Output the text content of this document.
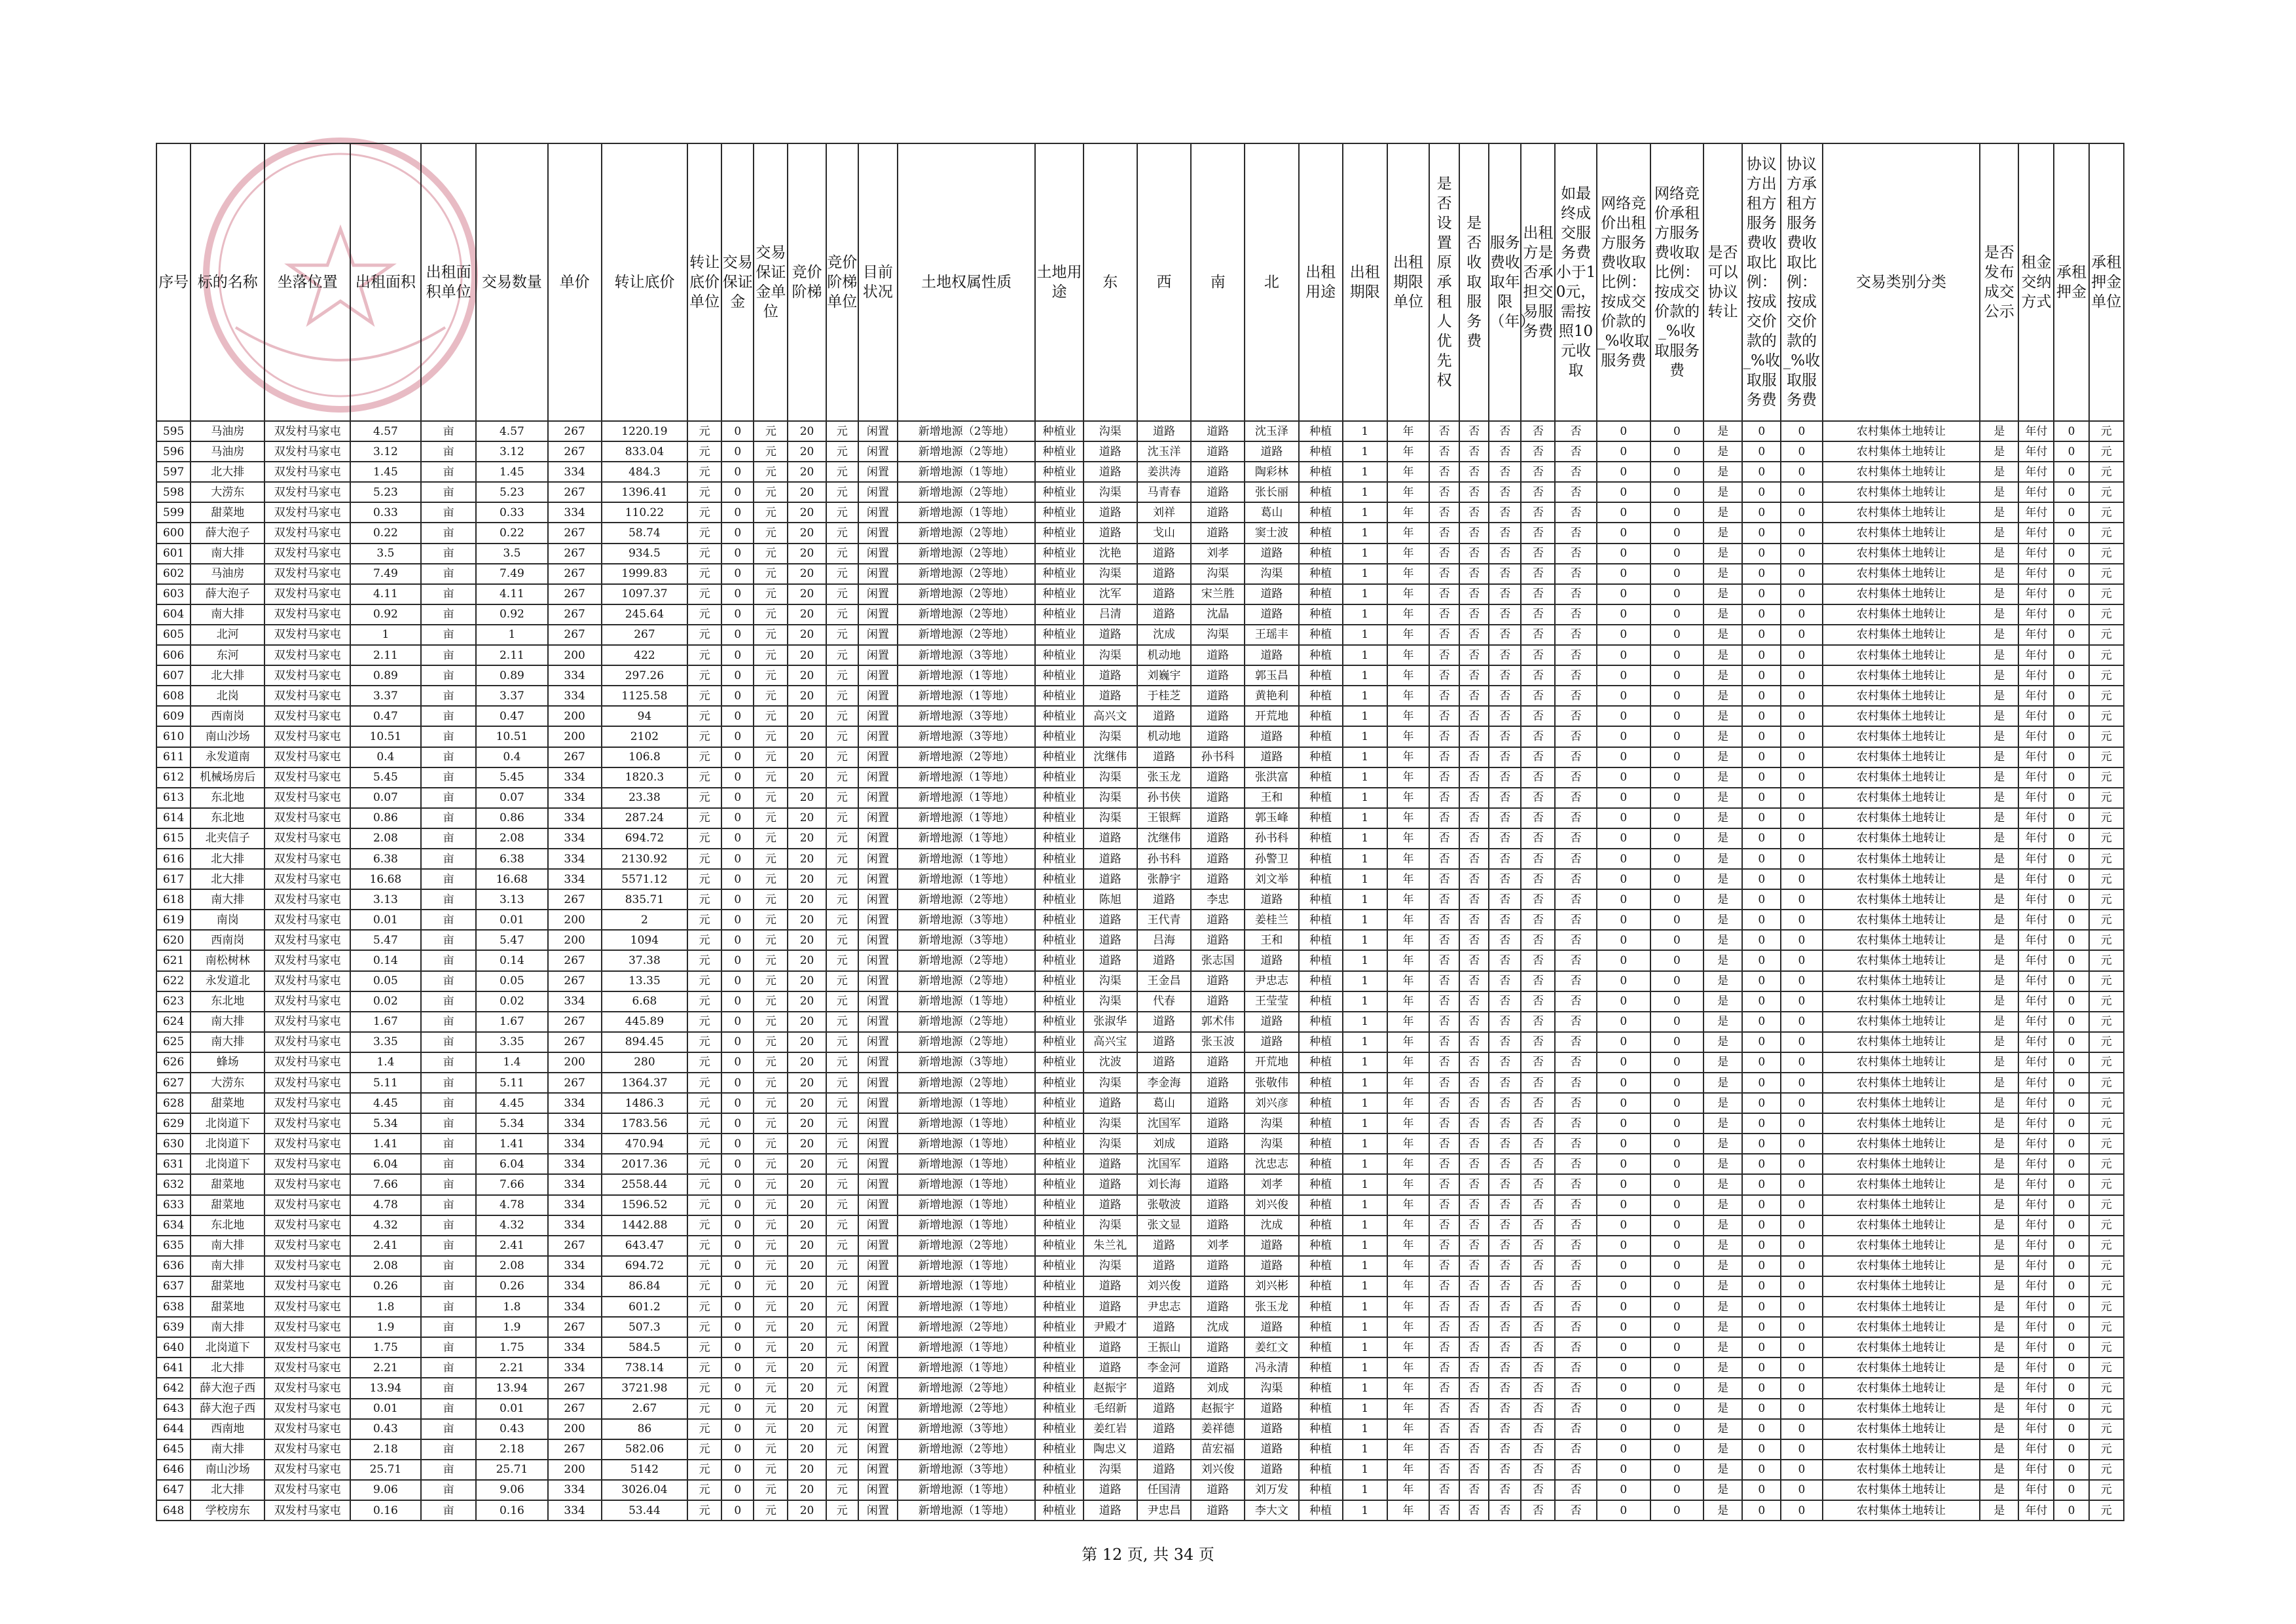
序号	标的名称	坐落位置	出租面积	出租面积单位	交易数量	单价	转让底价	转让底价单位	交易保证金	交易保证金单位	竞价阶梯	竞价阶梯单位	目前状况	土地权属性质	土地用途	东	西	南	北	出租用途	出租期限	出租期限单位	是否设置原承租人优先权	是否收取服务费	服务费收取年限（年）	出租方是否承担交易服务费	如最终成交服务费小于10元，需按照10元收取	网络竞价出租方服务费收取比例：按成交价款的_%收取服务费	网络竞价承租方服务费收取比例：按成交价款的_%收取服务费	是否可以协议转让	协议方出租方服务费收取比例：按成交价款的_%收取服务费	协议方承租方服务费收取比例：按成交价款的_%收取服务费	交易类别分类	是否发布成交公示	租金交纳方式	承租押金	承租押金单位
595	马油房	双发村马家屯	4.57	亩	4.57	267	1220.19	元	0	元	20	元	闲置	新增地源（2等地）	种植业	沟渠	道路	道路	沈玉泽	种植	1	年	否	否	否	否	否	0	0	是	0	0	农村集体土地转让	是	年付	0	元
596	马油房	双发村马家屯	3.12	亩	3.12	267	833.04	元	0	元	20	元	闲置	新增地源（2等地）	种植业	道路	沈玉洋	道路	道路	种植	1	年	否	否	否	否	否	0	0	是	0	0	农村集体土地转让	是	年付	0	元
597	北大排	双发村马家屯	1.45	亩	1.45	334	484.3	元	0	元	20	元	闲置	新增地源（1等地）	种植业	道路	姜洪涛	道路	陶彩林	种植	1	年	否	否	否	否	否	0	0	是	0	0	农村集体土地转让	是	年付	0	元
598	大涝东	双发村马家屯	5.23	亩	5.23	267	1396.41	元	0	元	20	元	闲置	新增地源（2等地）	种植业	沟渠	马青春	道路	张长丽	种植	1	年	否	否	否	否	否	0	0	是	0	0	农村集体土地转让	是	年付	0	元
599	甜菜地	双发村马家屯	0.33	亩	0.33	334	110.22	元	0	元	20	元	闲置	新增地源（1等地）	种植业	道路	刘祥	道路	葛山	种植	1	年	否	否	否	否	否	0	0	是	0	0	农村集体土地转让	是	年付	0	元
600	薛大泡子	双发村马家屯	0.22	亩	0.22	267	58.74	元	0	元	20	元	闲置	新增地源（2等地）	种植业	道路	戈山	道路	窦士波	种植	1	年	否	否	否	否	否	0	0	是	0	0	农村集体土地转让	是	年付	0	元
601	南大排	双发村马家屯	3.5	亩	3.5	267	934.5	元	0	元	20	元	闲置	新增地源（2等地）	种植业	沈艳	道路	刘孝	道路	种植	1	年	否	否	否	否	否	0	0	是	0	0	农村集体土地转让	是	年付	0	元
602	马油房	双发村马家屯	7.49	亩	7.49	267	1999.83	元	0	元	20	元	闲置	新增地源（2等地）	种植业	沟渠	道路	沟渠	沟渠	种植	1	年	否	否	否	否	否	0	0	是	0	0	农村集体土地转让	是	年付	0	元
603	薛大泡子	双发村马家屯	4.11	亩	4.11	267	1097.37	元	0	元	20	元	闲置	新增地源（2等地）	种植业	沈军	道路	宋兰胜	道路	种植	1	年	否	否	否	否	否	0	0	是	0	0	农村集体土地转让	是	年付	0	元
604	南大排	双发村马家屯	0.92	亩	0.92	267	245.64	元	0	元	20	元	闲置	新增地源（2等地）	种植业	吕清	道路	沈晶	道路	种植	1	年	否	否	否	否	否	0	0	是	0	0	农村集体土地转让	是	年付	0	元
605	北河	双发村马家屯	1	亩	1	267	267	元	0	元	20	元	闲置	新增地源（2等地）	种植业	道路	沈成	沟渠	王瑶丰	种植	1	年	否	否	否	否	否	0	0	是	0	0	农村集体土地转让	是	年付	0	元
606	东河	双发村马家屯	2.11	亩	2.11	200	422	元	0	元	20	元	闲置	新增地源（3等地）	种植业	沟渠	机动地	道路	道路	种植	1	年	否	否	否	否	否	0	0	是	0	0	农村集体土地转让	是	年付	0	元
607	北大排	双发村马家屯	0.89	亩	0.89	334	297.26	元	0	元	20	元	闲置	新增地源（1等地）	种植业	道路	刘巍宇	道路	郭玉昌	种植	1	年	否	否	否	否	否	0	0	是	0	0	农村集体土地转让	是	年付	0	元
608	北岗	双发村马家屯	3.37	亩	3.37	334	1125.58	元	0	元	20	元	闲置	新增地源（1等地）	种植业	道路	于桂芝	道路	黄艳利	种植	1	年	否	否	否	否	否	0	0	是	0	0	农村集体土地转让	是	年付	0	元
609	西南岗	双发村马家屯	0.47	亩	0.47	200	94	元	0	元	20	元	闲置	新增地源（3等地）	种植业	高兴文	道路	道路	开荒地	种植	1	年	否	否	否	否	否	0	0	是	0	0	农村集体土地转让	是	年付	0	元
610	南山沙场	双发村马家屯	10.51	亩	10.51	200	2102	元	0	元	20	元	闲置	新增地源（3等地）	种植业	沟渠	机动地	道路	道路	种植	1	年	否	否	否	否	否	0	0	是	0	0	农村集体土地转让	是	年付	0	元
611	永发道南	双发村马家屯	0.4	亩	0.4	267	106.8	元	0	元	20	元	闲置	新增地源（2等地）	种植业	沈继伟	道路	孙书科	道路	种植	1	年	否	否	否	否	否	0	0	是	0	0	农村集体土地转让	是	年付	0	元
612	机械场房后	双发村马家屯	5.45	亩	5.45	334	1820.3	元	0	元	20	元	闲置	新增地源（1等地）	种植业	沟渠	张玉龙	道路	张洪富	种植	1	年	否	否	否	否	否	0	0	是	0	0	农村集体土地转让	是	年付	0	元
613	东北地	双发村马家屯	0.07	亩	0.07	334	23.38	元	0	元	20	元	闲置	新增地源（1等地）	种植业	沟渠	孙书侠	道路	王和	种植	1	年	否	否	否	否	否	0	0	是	0	0	农村集体土地转让	是	年付	0	元
614	东北地	双发村马家屯	0.86	亩	0.86	334	287.24	元	0	元	20	元	闲置	新增地源（1等地）	种植业	沟渠	王银辉	道路	郭玉峰	种植	1	年	否	否	否	否	否	0	0	是	0	0	农村集体土地转让	是	年付	0	元
615	北夹信子	双发村马家屯	2.08	亩	2.08	334	694.72	元	0	元	20	元	闲置	新增地源（1等地）	种植业	道路	沈继伟	道路	孙书科	种植	1	年	否	否	否	否	否	0	0	是	0	0	农村集体土地转让	是	年付	0	元
616	北大排	双发村马家屯	6.38	亩	6.38	334	2130.92	元	0	元	20	元	闲置	新增地源（1等地）	种植业	道路	孙书科	道路	孙警卫	种植	1	年	否	否	否	否	否	0	0	是	0	0	农村集体土地转让	是	年付	0	元
617	北大排	双发村马家屯	16.68	亩	16.68	334	5571.12	元	0	元	20	元	闲置	新增地源（1等地）	种植业	道路	张静宇	道路	刘文举	种植	1	年	否	否	否	否	否	0	0	是	0	0	农村集体土地转让	是	年付	0	元
618	南大排	双发村马家屯	3.13	亩	3.13	267	835.71	元	0	元	20	元	闲置	新增地源（2等地）	种植业	陈旭	道路	李忠	道路	种植	1	年	否	否	否	否	否	0	0	是	0	0	农村集体土地转让	是	年付	0	元
619	南岗	双发村马家屯	0.01	亩	0.01	200	2	元	0	元	20	元	闲置	新增地源（3等地）	种植业	道路	王代青	道路	姜桂兰	种植	1	年	否	否	否	否	否	0	0	是	0	0	农村集体土地转让	是	年付	0	元
620	西南岗	双发村马家屯	5.47	亩	5.47	200	1094	元	0	元	20	元	闲置	新增地源（3等地）	种植业	道路	吕海	道路	王和	种植	1	年	否	否	否	否	否	0	0	是	0	0	农村集体土地转让	是	年付	0	元
621	南松树林	双发村马家屯	0.14	亩	0.14	267	37.38	元	0	元	20	元	闲置	新增地源（2等地）	种植业	道路	道路	张志国	道路	种植	1	年	否	否	否	否	否	0	0	是	0	0	农村集体土地转让	是	年付	0	元
622	永发道北	双发村马家屯	0.05	亩	0.05	267	13.35	元	0	元	20	元	闲置	新增地源（2等地）	种植业	沟渠	王金昌	道路	尹忠志	种植	1	年	否	否	否	否	否	0	0	是	0	0	农村集体土地转让	是	年付	0	元
623	东北地	双发村马家屯	0.02	亩	0.02	334	6.68	元	0	元	20	元	闲置	新增地源（1等地）	种植业	沟渠	代春	道路	王莹莹	种植	1	年	否	否	否	否	否	0	0	是	0	0	农村集体土地转让	是	年付	0	元
624	南大排	双发村马家屯	1.67	亩	1.67	267	445.89	元	0	元	20	元	闲置	新增地源（2等地）	种植业	张淑华	道路	郭术伟	道路	种植	1	年	否	否	否	否	否	0	0	是	0	0	农村集体土地转让	是	年付	0	元
625	南大排	双发村马家屯	3.35	亩	3.35	267	894.45	元	0	元	20	元	闲置	新增地源（2等地）	种植业	高兴宝	道路	张玉波	道路	种植	1	年	否	否	否	否	否	0	0	是	0	0	农村集体土地转让	是	年付	0	元
626	蜂场	双发村马家屯	1.4	亩	1.4	200	280	元	0	元	20	元	闲置	新增地源（3等地）	种植业	沈波	道路	道路	开荒地	种植	1	年	否	否	否	否	否	0	0	是	0	0	农村集体土地转让	是	年付	0	元
627	大涝东	双发村马家屯	5.11	亩	5.11	267	1364.37	元	0	元	20	元	闲置	新增地源（2等地）	种植业	沟渠	李金海	道路	张敬伟	种植	1	年	否	否	否	否	否	0	0	是	0	0	农村集体土地转让	是	年付	0	元
628	甜菜地	双发村马家屯	4.45	亩	4.45	334	1486.3	元	0	元	20	元	闲置	新增地源（1等地）	种植业	道路	葛山	道路	刘兴彦	种植	1	年	否	否	否	否	否	0	0	是	0	0	农村集体土地转让	是	年付	0	元
629	北岗道下	双发村马家屯	5.34	亩	5.34	334	1783.56	元	0	元	20	元	闲置	新增地源（1等地）	种植业	沟渠	沈国军	道路	沟渠	种植	1	年	否	否	否	否	否	0	0	是	0	0	农村集体土地转让	是	年付	0	元
630	北岗道下	双发村马家屯	1.41	亩	1.41	334	470.94	元	0	元	20	元	闲置	新增地源（1等地）	种植业	沟渠	刘成	道路	沟渠	种植	1	年	否	否	否	否	否	0	0	是	0	0	农村集体土地转让	是	年付	0	元
631	北岗道下	双发村马家屯	6.04	亩	6.04	334	2017.36	元	0	元	20	元	闲置	新增地源（1等地）	种植业	道路	沈国军	道路	沈忠志	种植	1	年	否	否	否	否	否	0	0	是	0	0	农村集体土地转让	是	年付	0	元
632	甜菜地	双发村马家屯	7.66	亩	7.66	334	2558.44	元	0	元	20	元	闲置	新增地源（1等地）	种植业	道路	刘长海	道路	刘孝	种植	1	年	否	否	否	否	否	0	0	是	0	0	农村集体土地转让	是	年付	0	元
633	甜菜地	双发村马家屯	4.78	亩	4.78	334	1596.52	元	0	元	20	元	闲置	新增地源（1等地）	种植业	道路	张敬波	道路	刘兴俊	种植	1	年	否	否	否	否	否	0	0	是	0	0	农村集体土地转让	是	年付	0	元
634	东北地	双发村马家屯	4.32	亩	4.32	334	1442.88	元	0	元	20	元	闲置	新增地源（1等地）	种植业	沟渠	张文显	道路	沈成	种植	1	年	否	否	否	否	否	0	0	是	0	0	农村集体土地转让	是	年付	0	元
635	南大排	双发村马家屯	2.41	亩	2.41	267	643.47	元	0	元	20	元	闲置	新增地源（2等地）	种植业	朱兰礼	道路	刘孝	道路	种植	1	年	否	否	否	否	否	0	0	是	0	0	农村集体土地转让	是	年付	0	元
636	南大排	双发村马家屯	2.08	亩	2.08	334	694.72	元	0	元	20	元	闲置	新增地源（1等地）	种植业	沟渠	道路	道路	道路	种植	1	年	否	否	否	否	否	0	0	是	0	0	农村集体土地转让	是	年付	0	元
637	甜菜地	双发村马家屯	0.26	亩	0.26	334	86.84	元	0	元	20	元	闲置	新增地源（1等地）	种植业	道路	刘兴俊	道路	刘兴彬	种植	1	年	否	否	否	否	否	0	0	是	0	0	农村集体土地转让	是	年付	0	元
638	甜菜地	双发村马家屯	1.8	亩	1.8	334	601.2	元	0	元	20	元	闲置	新增地源（1等地）	种植业	道路	尹忠志	道路	张玉龙	种植	1	年	否	否	否	否	否	0	0	是	0	0	农村集体土地转让	是	年付	0	元
639	南大排	双发村马家屯	1.9	亩	1.9	267	507.3	元	0	元	20	元	闲置	新增地源（2等地）	种植业	尹殿才	道路	沈成	道路	种植	1	年	否	否	否	否	否	0	0	是	0	0	农村集体土地转让	是	年付	0	元
640	北岗道下	双发村马家屯	1.75	亩	1.75	334	584.5	元	0	元	20	元	闲置	新增地源（1等地）	种植业	道路	王振山	道路	姜红文	种植	1	年	否	否	否	否	否	0	0	是	0	0	农村集体土地转让	是	年付	0	元
641	北大排	双发村马家屯	2.21	亩	2.21	334	738.14	元	0	元	20	元	闲置	新增地源（1等地）	种植业	道路	李金河	道路	冯永清	种植	1	年	否	否	否	否	否	0	0	是	0	0	农村集体土地转让	是	年付	0	元
642	薛大泡子西	双发村马家屯	13.94	亩	13.94	267	3721.98	元	0	元	20	元	闲置	新增地源（2等地）	种植业	赵振宇	道路	刘成	沟渠	种植	1	年	否	否	否	否	否	0	0	是	0	0	农村集体土地转让	是	年付	0	元
643	薛大泡子西	双发村马家屯	0.01	亩	0.01	267	2.67	元	0	元	20	元	闲置	新增地源（2等地）	种植业	毛绍新	道路	赵振宇	道路	种植	1	年	否	否	否	否	否	0	0	是	0	0	农村集体土地转让	是	年付	0	元
644	西南地	双发村马家屯	0.43	亩	0.43	200	86	元	0	元	20	元	闲置	新增地源（3等地）	种植业	姜红岩	道路	姜祥德	道路	种植	1	年	否	否	否	否	否	0	0	是	0	0	农村集体土地转让	是	年付	0	元
645	南大排	双发村马家屯	2.18	亩	2.18	267	582.06	元	0	元	20	元	闲置	新增地源（2等地）	种植业	陶忠义	道路	苗宏福	道路	种植	1	年	否	否	否	否	否	0	0	是	0	0	农村集体土地转让	是	年付	0	元
646	南山沙场	双发村马家屯	25.71	亩	25.71	200	5142	元	0	元	20	元	闲置	新增地源（3等地）	种植业	沟渠	道路	刘兴俊	道路	种植	1	年	否	否	否	否	否	0	0	是	0	0	农村集体土地转让	是	年付	0	元
647	北大排	双发村马家屯	9.06	亩	9.06	334	3026.04	元	0	元	20	元	闲置	新增地源（1等地）	种植业	道路	任国清	道路	刘万发	种植	1	年	否	否	否	否	否	0	0	是	0	0	农村集体土地转让	是	年付	0	元
648	学校房东	双发村马家屯	0.16	亩	0.16	334	53.44	元	0	元	20	元	闲置	新增地源（1等地）	种植业	道路	尹忠昌	道路	李大文	种植	1	年	否	否	否	否	否	0	0	是	0	0	农村集体土地转让	是	年付	0	元
第 12 页, 共 34 页
